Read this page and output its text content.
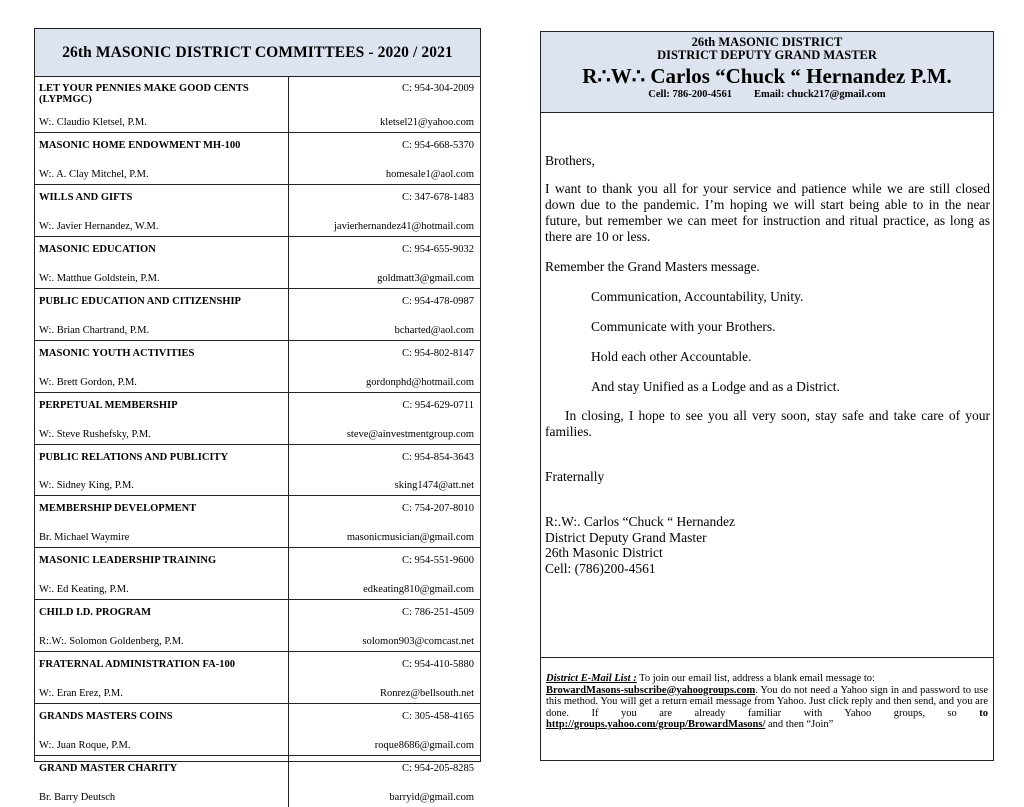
26th MASONIC DISTRICT COMMITTEES - 2020 / 2021
LET YOUR PENNIES MAKE GOOD CENTS (LYPMGC)	C: 954-304-2009
W:. Claudio Kletsel, P.M.	kletsel21@yahoo.com
MASONIC HOME ENDOWMENT MH-100	C: 954-668-5370
W:. A. Clay Mitchel, P.M.	homesale1@aol.com
WILLS AND GIFTS	C: 347-678-1483
W:. Javier Hernandez, W.M.	javierhernandez41@hotmail.com
MASONIC EDUCATION	C: 954-655-9032
W:. Matthue Goldstein, P.M.	goldmatt3@gmail.com
PUBLIC EDUCATION AND CITIZENSHIP	C: 954-478-0987
W:. Brian Chartrand, P.M.	bcharted@aol.com
MASONIC YOUTH ACTIVITIES	C: 954-802-8147
W:. Brett Gordon, P.M.	gordonphd@hotmail.com
PERPETUAL MEMBERSHIP	C: 954-629-0711
W:. Steve Rushefsky, P.M.	steve@ainvestmentgroup.com
PUBLIC RELATIONS AND PUBLICITY	C: 954-854-3643
W:. Sidney King, P.M.	sking1474@att.net
MEMBERSHIP DEVELOPMENT	C: 754-207-8010
Br. Michael Waymire	masonicmusician@gmail.com
MASONIC LEADERSHIP TRAINING	C: 954-551-9600
W:. Ed Keating, P.M.	edkeating810@gmail.com
CHILD I.D. PROGRAM	C: 786-251-4509
R:.W:. Solomon Goldenberg, P.M.	solomon903@comcast.net
FRATERNAL ADMINISTRATION FA-100	C: 954-410-5880
W:. Eran Erez, P.M.	Ronrez@bellsouth.net
GRANDS MASTERS COINS	C: 305-458-4165
W:. Juan Roque, P.M.	roque8686@gmail.com
GRAND MASTER CHARITY	C: 954-205-8285
Br. Barry Deutsch	barryid@gmail.com
26th MASONIC DISTRICT
DISTRICT DEPUTY GRAND MASTER
R∴W∴ Carlos “Chuck “ Hernandez P.M.
Cell: 786-200-4561 Email: chuck217@gmail.com

Brothers,

I want to thank you all for your service and patience while we are still closed down due to the pandemic. I’m hoping we will start being able to in the near future, but remember we can meet for instruction and ritual practice, as long as there are 10 or less.

Remember the Grand Masters message.

Communication, Accountability, Unity.

Communicate with your Brothers.

Hold each other Accountable.

And stay Unified as a Lodge and as a District.

In closing, I hope to see you all very soon, stay safe and take care of your families.

Fraternally

R:.W:. Carlos “Chuck “ Hernandez
District Deputy Grand Master
26th Masonic District
Cell: (786)200-4561
District E-Mail List : To join our email list, address a blank email message to:
BrowardMasons-subscribe@yahoogroups.com. You do not need a Yahoo sign in and password to use this method. You will get a return email message from Yahoo. Just click reply and then send, and you are done. If you are already familiar with Yahoo groups, so to http://groups.yahoo.com/group/BrowardMasons/ and then “Join”
